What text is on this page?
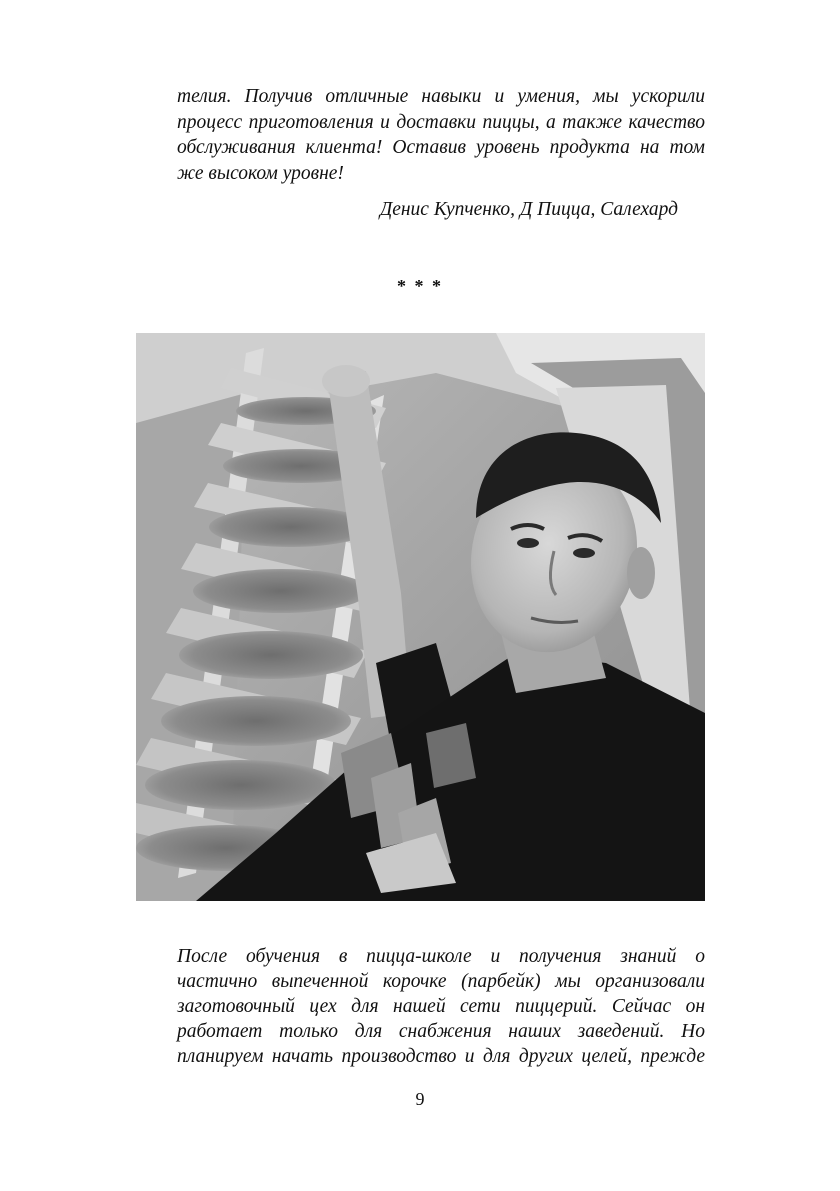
телия. Получив отличные навыки и умения, мы ускорили
процесс приготовления и доставки пиццы, а также качество
обслуживания клиента! Оставив уровень продукта на том
же высоком уровне!

Денис Купченко, Д Пицца, Салехард
* * *

После обучения в пицца-школе и получения знаний о
частично выпеченной корочке (парбейк) мы организовали
заготовочный цех для нашей сети пиццерий. Сейчас он
работает только для снабжения наших заведений. Но
планируем начать производство и для других целей, прежде

9
